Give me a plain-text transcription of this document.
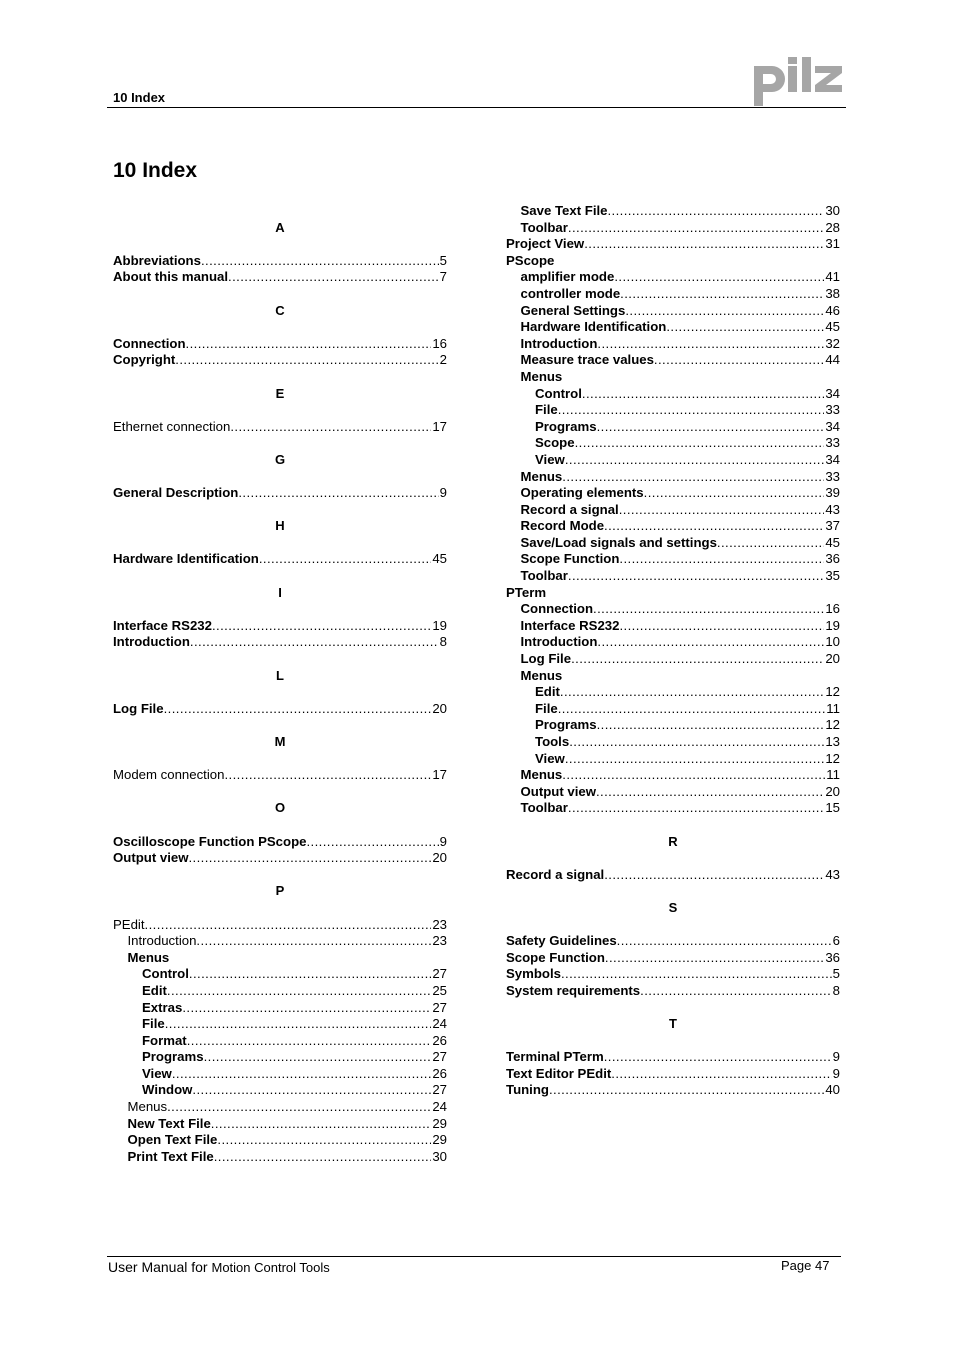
10 Index
10 Index
A
Abbreviations .....	5
About this manual .....	7
C
Connection .....	16
Copyright .....	2
E
Ethernet connection .....	17
G
General Description .....	9
H
Hardware Identification .....	45
I
Interface RS232 .....	19
Introduction .....	8
L
Log File .....	20
M
Modem connection .....	17
O
Oscilloscope Function PScope .....	9
Output view .....	20
P
PEdit .....	23
Introduction .....	23
Menus
Control .....	27
Edit .....	25
Extras .....	27
File .....	24
Format .....	26
Programs .....	27
View .....	26
Window .....	27
Menus .....	24
New Text File .....	29
Open Text File .....	29
Print Text File .....	30
Save Text File .....	30
Toolbar .....	28
Project View .....	31
PScope
amplifier mode .....	41
controller mode .....	38
General Settings .....	46
Hardware Identification .....	45
Introduction .....	32
Measure trace values .....	44
Menus
Control .....	34
File .....	33
Programs .....	34
Scope .....	33
View .....	34
Menus .....	33
Operating elements .....	39
Record a signal .....	43
Record Mode .....	37
Save/Load signals and settings .....	45
Scope Function .....	36
Toolbar .....	35
PTerm
Connection .....	16
Interface RS232 .....	19
Introduction .....	10
Log File .....	20
Menus
Edit .....	12
File .....	11
Programs .....	12
Tools .....	13
View .....	12
Menus .....	11
Output view .....	20
Toolbar .....	15
R
Record a signal .....	43
S
Safety Guidelines .....	6
Scope Function .....	36
Symbols .....	5
System requirements .....	8
T
Terminal PTerm .....	9
Text Editor PEdit .....	9
Tuning .....	40
User Manual for Motion Control Tools	Page 47
